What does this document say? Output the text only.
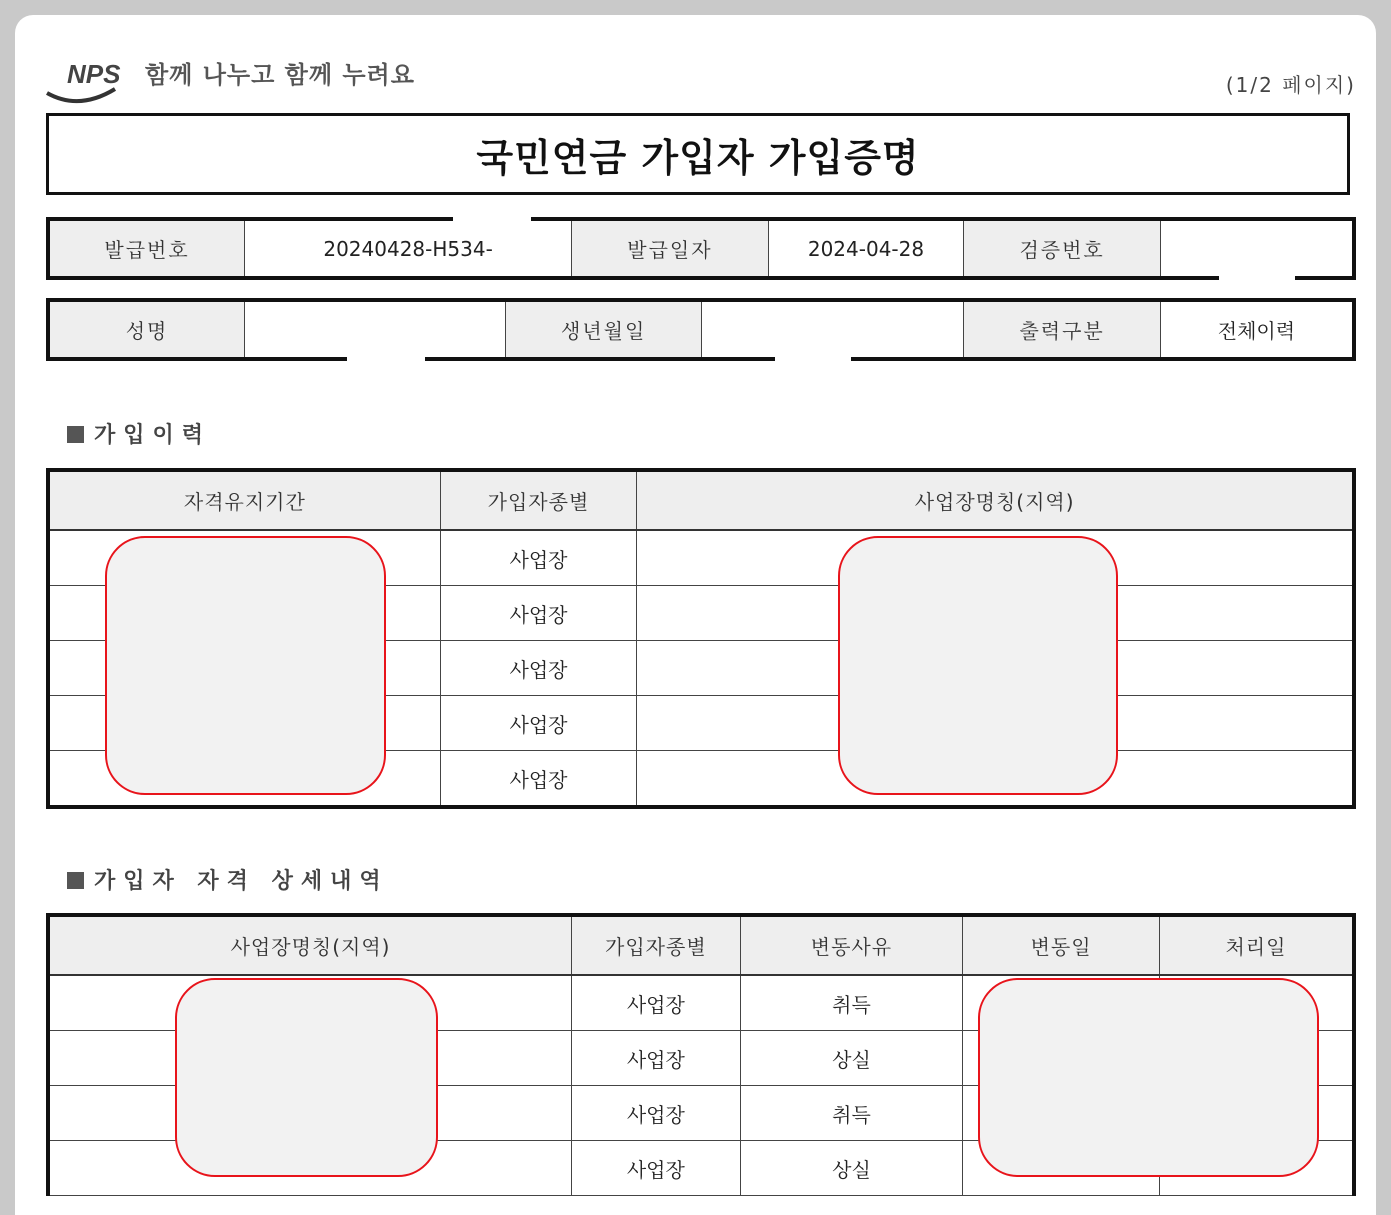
NPS 함께 나누고 함께 누려요	(1/2 페이지)
국민연금 가입자 가입증명
발급번호	20240428-H534-	발급일자	2024-04-28	검증번호	
성명		생년월일		출력구분	전체이력
가입이력
자격유지기간	가입자종별	사업장명칭(지역)
	사업장	
	사업장	
	사업장	
	사업장	
	사업장	
가입자 자격 상세내역
사업장명칭(지역)	가입자종별	변동사유	변동일	처리일
	사업장	취득		
	사업장	상실		
	사업장	취득		
	사업장	상실		
